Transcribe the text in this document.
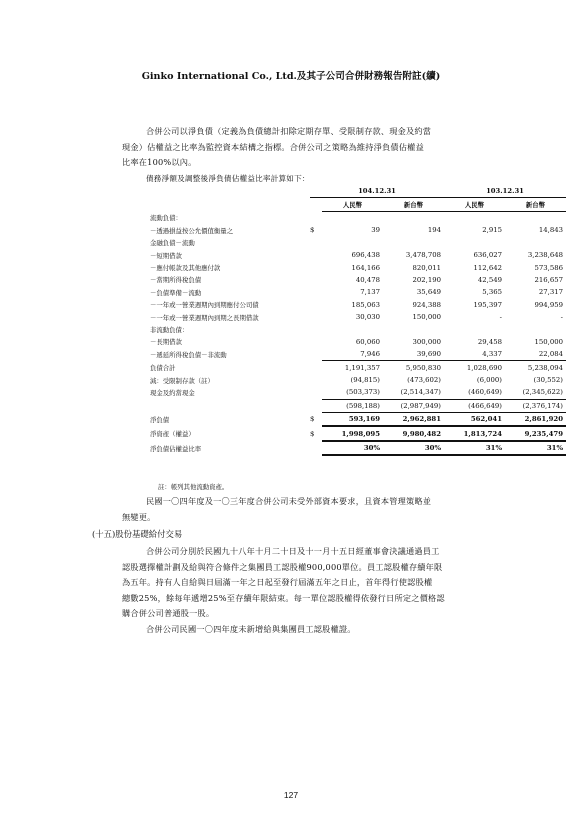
Ginko International Co., Ltd.及其子公司合併財務報告附註(續)
合併公司以淨負債（定義為負債總計扣除定期存單、受限制存款、現金及約當
現金）佔權益之比率為監控資本結構之指標。合併公司之策略為維持淨負債佔權益
比率在100%以內。
債務淨額及調整後淨負債佔權益比率計算如下：
	104.12.31			103.12.31	
		人民幣	新台幣	人民幣	新台幣
流動負債：					
－透過損益按公允價值衡量之	$	39	194	2,915	14,843
金融負債－流動					
－短期借款		696,438	3,478,708	636,027	3,238,648
－應付帳款及其他應付款		164,166	820,011	112,642	573,586
－當期所得稅負債		40,478	202,190	42,549	216,657
－負債準備－流動		7,137	35,649	5,365	27,317
－一年或一營業週期內到期應付公司債		185,063	924,388	195,397	994,959
－一年或一營業週期內到期之長期借款		30,030	150,000	-	-
非流動負債：					
－長期借款		60,060	300,000	29,458	150,000
－遞延所得稅負債－非流動		7,946	39,690	4,337	22,084
負債合計		1,191,357	5,950,830	1,028,690	5,238,094
減：受限制存款（註）		(94,815)	(473,602)	(6,000)	(30,552)
現金及約當現金		(503,373)	(2,514,347)	(460,649)	(2,345,622)
		(598,188)	(2,987,949)	(466,649)	(2,376,174)
淨負債	$	593,169	2,962,881	562,041	2,861,920
淨資產（權益）	$	1,998,095	9,980,482	1,813,724	9,235,479
淨負債佔權益比率		30%	30%	31%	31%
註：帳列其他流動資產。
民國一〇四年度及一〇三年度合併公司未受外部資本要求，且資本管理策略並
無變更。
(十五)股份基礎給付交易
合併公司分別於民國九十八年十月二十日及十一月十五日經董事會決議通過員工
認股選擇權計劃及給與符合條件之集團員工認股權900,000單位。員工認股權存續年限
為五年。持有人自給與日屆滿一年之日起至發行屆滿五年之日止，首年得行使認股權
總數25%，餘每年遞增25%至存續年限結束。每一單位認股權得依發行日所定之價格認
購合併公司普通股一股。
合併公司民國一〇四年度未新增給與集團員工認股權證。
127
